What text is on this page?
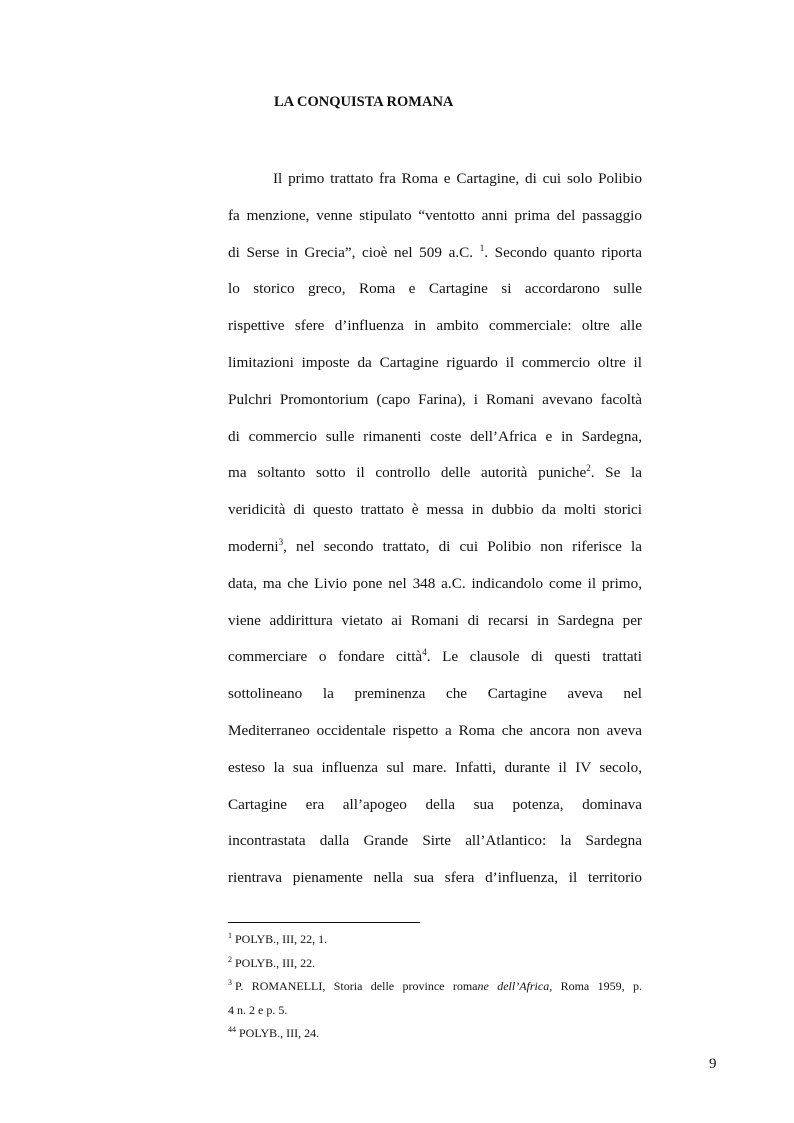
LA CONQUISTA ROMANA
Il primo trattato fra Roma e Cartagine, di cui solo Polibio
fa menzione, venne stipulato “ventotto anni prima del passaggio
di Serse in Grecia”, cioè nel 509 a.C. $^1$. Secondo quanto riporta
lo storico greco, Roma e Cartagine si accordarono sulle
rispettive sfere d’influenza in ambito commerciale: oltre alle
limitazioni imposte da Cartagine riguardo il commercio oltre il
Pulchri Promontorium (capo Farina), i Romani avevano facoltà
di commercio sulle rimanenti coste dell’Africa e in Sardegna,
ma soltanto sotto il controllo delle autorità puniche$^2$. Se la
veridicità di questo trattato è messa in dubbio da molti storici
moderni$^3$, nel secondo trattato, di cui Polibio non riferisce la
data, ma che Livio pone nel 348 a.C. indicandolo come il primo,
viene addirittura vietato ai Romani di recarsi in Sardegna per
commerciare o fondare città$^4$. Le clausole di questi trattati
sottolineano la preminenza che Cartagine aveva nel
Mediterraneo occidentale rispetto a Roma che ancora non aveva
esteso la sua influenza sul mare. Infatti, durante il IV secolo,
Cartagine era all’apogeo della sua potenza, dominava
incontrastata dalla Grande Sirte all’Atlantico: la Sardegna
rientrava pienamente nella sua sfera d’influenza, il territorio
$^1$ POLYB., III, 22, 1.
$^2$ POLYB., III, 22.
$^3$ P. ROMANELLI, Storia delle province romane dell’Africa, Roma 1959, p.
4 n. 2 e p. 5.
$^{44}$ POLYB., III, 24.
9
